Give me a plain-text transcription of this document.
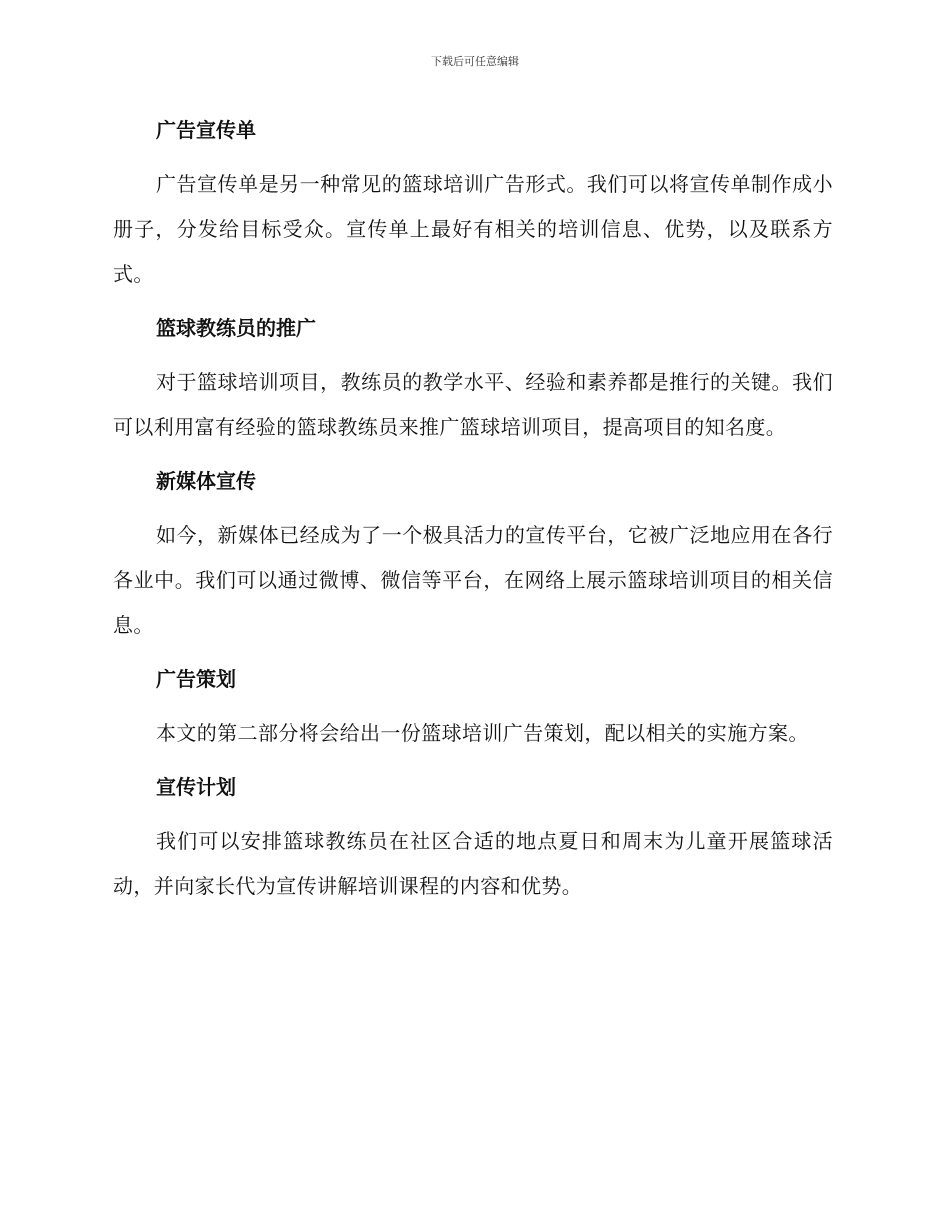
下载后可任意编辑
广告宣传单

广告宣传单是另一种常见的篮球培训广告形式。我们可以将宣传单制作成小册子，分发给目标受众。宣传单上最好有相关的培训信息、优势，以及联系方式。

篮球教练员的推广

对于篮球培训项目，教练员的教学水平、经验和素养都是推行的关键。我们可以利用富有经验的篮球教练员来推广篮球培训项目，提高项目的知名度。

新媒体宣传

如今，新媒体已经成为了一个极具活力的宣传平台，它被广泛地应用在各行各业中。我们可以通过微博、微信等平台，在网络上展示篮球培训项目的相关信息。

广告策划

本文的第二部分将会给出一份篮球培训广告策划，配以相关的实施方案。

宣传计划

我们可以安排篮球教练员在社区合适的地点夏日和周末为儿童开展篮球活动，并向家长代为宣传讲解培训课程的内容和优势。
